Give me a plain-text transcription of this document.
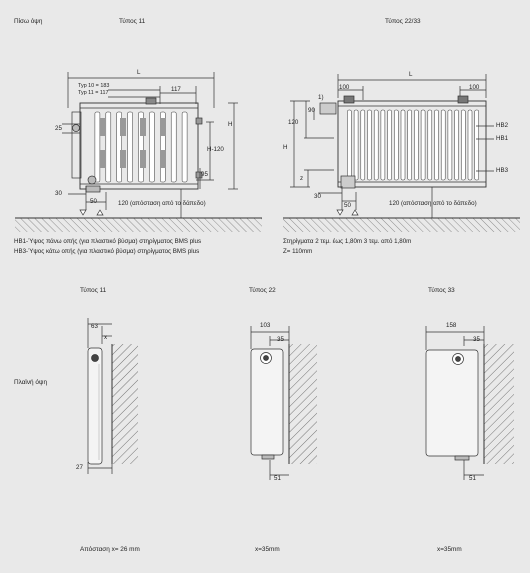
Πίσω όψη	Τύπος 11	Τύπος 22/33
Τύπος 11	Τύπος 22	Τύπος 33
Πλαϊνή όψη
L
Typ 10 = 183
Typ 11 = 117	117
25
H
H-120
95
30
50	120 (απόσταση από το δάπεδο)
L
100	100
1)
90
120
H
z
HB2
HB1
HB3
30
50	120 (απόσταση από το δάπεδο)
HB1-Ύψος πάνω οπής (για πλαστικό βύσμα) στηρίγματος BMS plus
HB3-Ύψος κάτω οπής (για πλαστικό βύσμα) στηρίγματος BMS plus
Στηρίγματα 2 τεμ. έως 1,80m 3 τεμ. από 1,80m
Z= 110mm
63
x
27
103
35
51
158
35
51
Απόσταση x= 26 mm	x=35mm	x=35mm
